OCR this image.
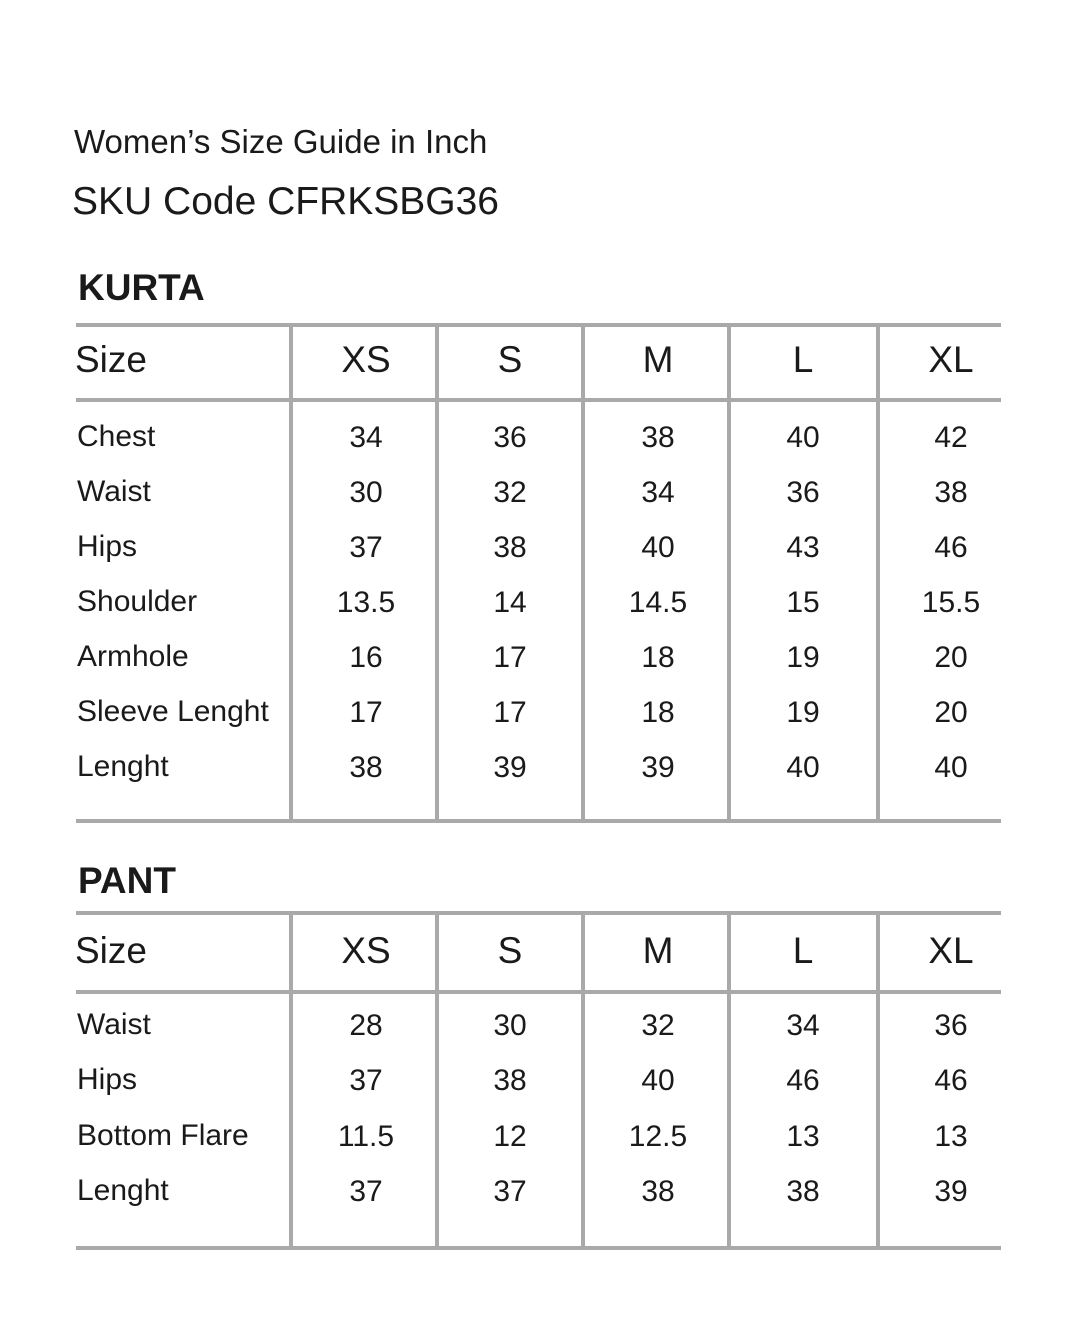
Women’s Size Guide in Inch
SKU Code CFRKSBG36
KURTA
Size	XS	S	M	L	XL
Chest	34	36	38	40	42
Waist	30	32	34	36	38
Hips	37	38	40	43	46
Shoulder	13.5	14	14.5	15	15.5
Armhole	16	17	18	19	20
Sleeve Lenght	17	17	18	19	20
Lenght	38	39	39	40	40
PANT
Size	XS	S	M	L	XL
Waist	28	30	32	34	36
Hips	37	38	40	46	46
Bottom Flare	11.5	12	12.5	13	13
Lenght	37	37	38	38	39
